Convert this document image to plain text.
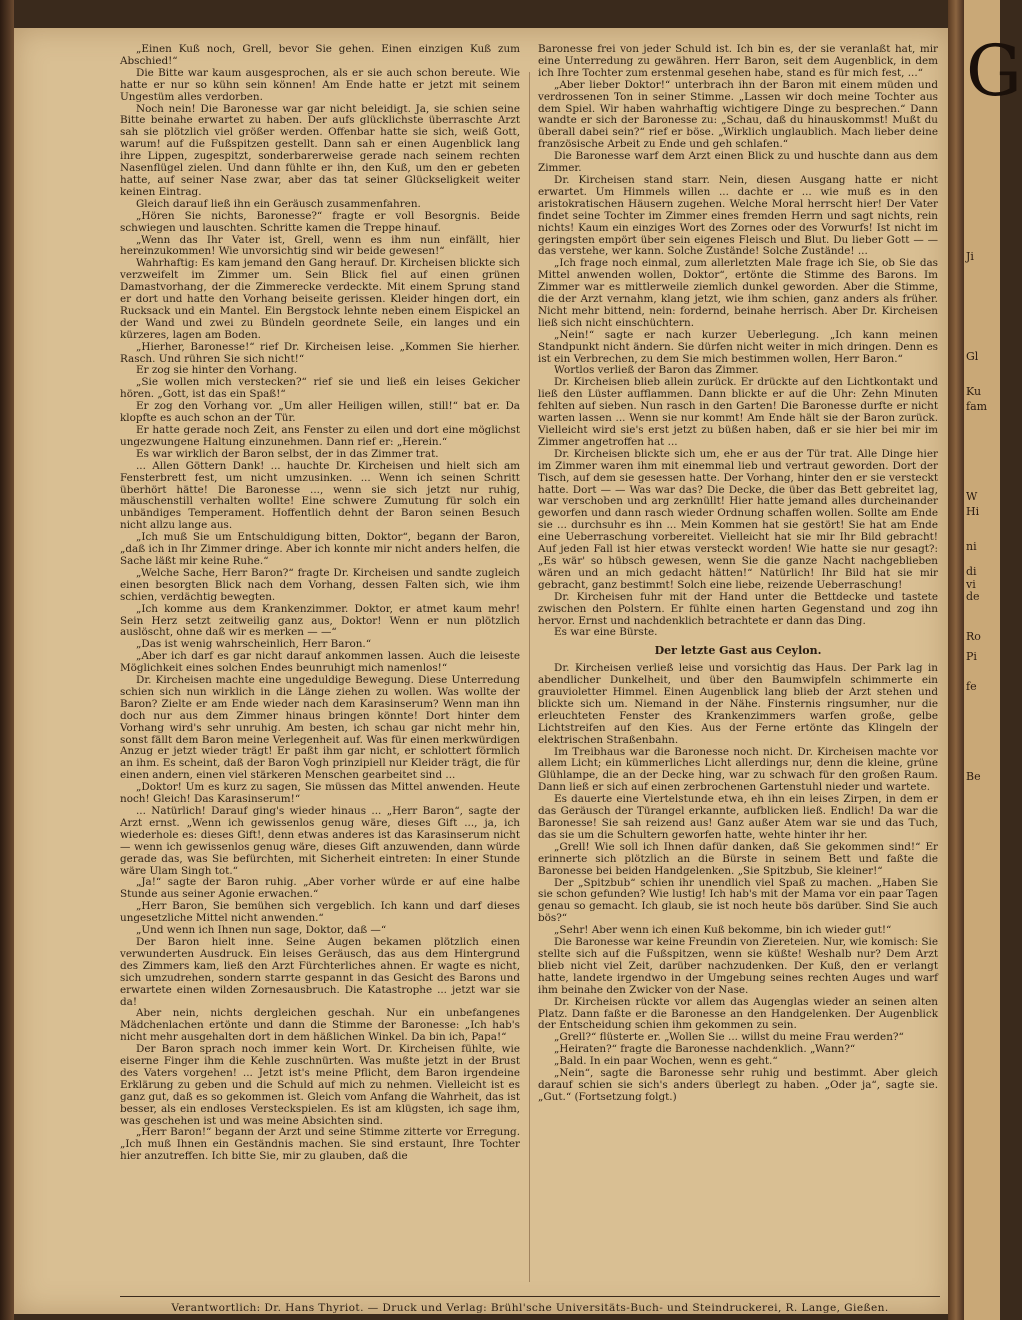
„Einen Kuß noch, Grell, bevor Sie gehen. Einen einzigen Kuß zum Abschied!“

Die Bitte war kaum ausgesprochen, als er sie auch schon bereute. Wie hatte er nur so kühn sein können! Am Ende hatte er jetzt mit seinem Ungestüm alles verdorben.

Noch nein! Die Baronesse war gar nicht beleidigt. Ja, sie schien seine Bitte beinahe erwartet zu haben. Der aufs glücklichste überraschte Arzt sah sie plötzlich viel größer werden. Offenbar hatte sie sich, weiß Gott, warum! auf die Fußspitzen gestellt. Dann sah er einen Augenblick lang ihre Lippen, zugespitzt, sonderbarerweise gerade nach seinem rechten Nasenflügel zielen. Und dann fühlte er ihn, den Kuß, um den er gebeten hatte, auf seiner Nase zwar, aber das tat seiner Glückseligkeit weiter keinen Eintrag.

Gleich darauf ließ ihn ein Geräusch zusammenfahren.

„Hören Sie nichts, Baronesse?“ fragte er voll Besorgnis. Beide schwiegen und lauschten. Schritte kamen die Treppe hinauf.

„Wenn das Ihr Vater ist, Grell, wenn es ihm nun einfällt, hier hereinzukommen! Wie unvorsichtig sind wir beide gewesen!“

Wahrhaftig: Es kam jemand den Gang herauf. Dr. Kircheisen blickte sich verzweifelt im Zimmer um. Sein Blick fiel auf einen grünen Damastvorhang, der die Zimmerecke verdeckte. Mit einem Sprung stand er dort und hatte den Vorhang beiseite gerissen. Kleider hingen dort, ein Rucksack und ein Mantel. Ein Bergstock lehnte neben einem Eispickel an der Wand und zwei zu Bündeln geordnete Seile, ein langes und ein kürzeres, lagen am Boden.

„Hierher, Baronesse!“ rief Dr. Kircheisen leise. „Kommen Sie hierher. Rasch. Und rühren Sie sich nicht!“

Er zog sie hinter den Vorhang.

„Sie wollen mich verstecken?“ rief sie und ließ ein leises Gekicher hören. „Gott, ist das ein Spaß!“

Er zog den Vorhang vor. „Um aller Heiligen willen, still!“ bat er. Da klopfte es auch schon an der Tür.

Er hatte gerade noch Zeit, ans Fenster zu eilen und dort eine möglichst ungezwungene Haltung einzunehmen. Dann rief er: „Herein.“

Es war wirklich der Baron selbst, der in das Zimmer trat.

... Allen Göttern Dank! ... hauchte Dr. Kircheisen und hielt sich am Fensterbrett fest, um nicht umzusinken. ... Wenn ich seinen Schritt überhört hätte! Die Baronesse ..., wenn sie sich jetzt nur ruhig, mäuschenstill verhalten wollte! Eine schwere Zumutung für solch ein unbändiges Temperament. Hoffentlich dehnt der Baron seinen Besuch nicht allzu lange aus.

„Ich muß Sie um Entschuldigung bitten, Doktor“, begann der Baron, „daß ich in Ihr Zimmer dringe. Aber ich konnte mir nicht anders helfen, die Sache läßt mir keine Ruhe.“

„Welche Sache, Herr Baron?“ fragte Dr. Kircheisen und sandte zugleich einen besorgten Blick nach dem Vorhang, dessen Falten sich, wie ihm schien, verdächtig bewegten.

„Ich komme aus dem Krankenzimmer. Doktor, er atmet kaum mehr! Sein Herz setzt zeitweilig ganz aus, Doktor! Wenn er nun plötzlich auslöscht, ohne daß wir es merken — —“

„Das ist wenig wahrscheinlich, Herr Baron.“

„Aber ich darf es gar nicht darauf ankommen lassen. Auch die leiseste Möglichkeit eines solchen Endes beunruhigt mich namenlos!“

Dr. Kircheisen machte eine ungeduldige Bewegung. Diese Unterredung schien sich nun wirklich in die Länge ziehen zu wollen. Was wollte der Baron? Zielte er am Ende wieder nach dem Karasinserum? Wenn man ihn doch nur aus dem Zimmer hinaus bringen könnte! Dort hinter dem Vorhang wird's sehr unruhig. Am besten, ich schau gar nicht mehr hin, sonst fällt dem Baron meine Verlegenheit auf. Was für einen merkwürdigen Anzug er jetzt wieder trägt! Er paßt ihm gar nicht, er schlottert förmlich an ihm. Es scheint, daß der Baron Vogh prinzipiell nur Kleider trägt, die für einen andern, einen viel stärkeren Menschen gearbeitet sind ...

„Doktor! Um es kurz zu sagen, Sie müssen das Mittel anwenden. Heute noch! Gleich! Das Karasinserum!“

... Natürlich! Darauf ging's wieder hinaus ... „Herr Baron“, sagte der Arzt ernst. „Wenn ich gewissenlos genug wäre, dieses Gift ..., ja, ich wiederhole es: dieses Gift!, denn etwas anderes ist das Karasinserum nicht — wenn ich gewissenlos genug wäre, dieses Gift anzuwenden, dann würde gerade das, was Sie befürchten, mit Sicherheit eintreten: In einer Stunde wäre Ulam Singh tot.“

„Ja!“ sagte der Baron ruhig. „Aber vorher würde er auf eine halbe Stunde aus seiner Agonie erwachen.“

„Herr Baron, Sie bemühen sich vergeblich. Ich kann und darf dieses ungesetzliche Mittel nicht anwenden.“

„Und wenn ich Ihnen nun sage, Doktor, daß —“

Der Baron hielt inne. Seine Augen bekamen plötzlich einen verwunderten Ausdruck. Ein leises Geräusch, das aus dem Hintergrund des Zimmers kam, ließ den Arzt Fürchterliches ahnen. Er wagte es nicht, sich umzudrehen, sondern starrte gespannt in das Gesicht des Barons und erwartete einen wilden Zornesausbruch. Die Katastrophe ... jetzt war sie da!

Aber nein, nichts dergleichen geschah. Nur ein unbefangenes Mädchenlachen ertönte und dann die Stimme der Baronesse: „Ich hab's nicht mehr ausgehalten dort in dem häßlichen Winkel. Da bin ich, Papa!“

Der Baron sprach noch immer kein Wort. Dr. Kircheisen fühlte, wie eiserne Finger ihm die Kehle zuschnürten. Was mußte jetzt in der Brust des Vaters vorgehen! ... Jetzt ist's meine Pflicht, dem Baron irgendeine Erklärung zu geben und die Schuld auf mich zu nehmen. Vielleicht ist es ganz gut, daß es so gekommen ist. Gleich vom Anfang die Wahrheit, das ist besser, als ein endloses Versteckspielen. Es ist am klügsten, ich sage ihm, was geschehen ist und was meine Absichten sind.

„Herr Baron!“ begann der Arzt und seine Stimme zitterte vor Erregung. „Ich muß Ihnen ein Geständnis machen. Sie sind erstaunt, Ihre Tochter hier anzutreffen. Ich bitte Sie, mir zu glauben, daß die

Baronesse frei von jeder Schuld ist. Ich bin es, der sie veranlaßt hat, mir eine Unterredung zu gewähren. Herr Baron, seit dem Augenblick, in dem ich Ihre Tochter zum erstenmal gesehen habe, stand es für mich fest, ...“

„Aber lieber Doktor!“ unterbrach ihn der Baron mit einem müden und verdrossenen Ton in seiner Stimme. „Lassen wir doch meine Tochter aus dem Spiel. Wir haben wahrhaftig wichtigere Dinge zu besprechen.“ Dann wandte er sich der Baronesse zu: „Schau, daß du hinauskommst! Mußt du überall dabei sein?“ rief er böse. „Wirklich unglaublich. Mach lieber deine französische Arbeit zu Ende und geh schlafen.“

Die Baronesse warf dem Arzt einen Blick zu und huschte dann aus dem Zimmer.

Dr. Kircheisen stand starr. Nein, diesen Ausgang hatte er nicht erwartet. Um Himmels willen ... dachte er ... wie muß es in den aristokratischen Häusern zugehen. Welche Moral herrscht hier! Der Vater findet seine Tochter im Zimmer eines fremden Herrn und sagt nichts, rein nichts! Kaum ein einziges Wort des Zornes oder des Vorwurfs! Ist nicht im geringsten empört über sein eigenes Fleisch und Blut. Du lieber Gott — — das verstehe, wer kann. Solche Zustände! Solche Zustände! ...

„Ich frage noch einmal, zum allerletzten Male frage ich Sie, ob Sie das Mittel anwenden wollen, Doktor“, ertönte die Stimme des Barons. Im Zimmer war es mittlerweile ziemlich dunkel geworden. Aber die Stimme, die der Arzt vernahm, klang jetzt, wie ihm schien, ganz anders als früher. Nicht mehr bittend, nein: fordernd, beinahe herrisch. Aber Dr. Kircheisen ließ sich nicht einschüchtern.

„Nein!“ sagte er nach kurzer Ueberlegung. „Ich kann meinen Standpunkt nicht ändern. Sie dürfen nicht weiter in mich dringen. Denn es ist ein Verbrechen, zu dem Sie mich bestimmen wollen, Herr Baron.“

Wortlos verließ der Baron das Zimmer.

Dr. Kircheisen blieb allein zurück. Er drückte auf den Lichtkontakt und ließ den Lüster aufflammen. Dann blickte er auf die Uhr: Zehn Minuten fehlten auf sieben. Nun rasch in den Garten! Die Baronesse durfte er nicht warten lassen ... Wenn sie nur kommt! Am Ende hält sie der Baron zurück. Vielleicht wird sie's erst jetzt zu büßen haben, daß er sie hier bei mir im Zimmer angetroffen hat ...

Dr. Kircheisen blickte sich um, ehe er aus der Tür trat. Alle Dinge hier im Zimmer waren ihm mit einemmal lieb und vertraut geworden. Dort der Tisch, auf dem sie gesessen hatte. Der Vorhang, hinter den er sie versteckt hatte. Dort — — Was war das? Die Decke, die über das Bett gebreitet lag, war verschoben und arg zerknüllt! Hier hatte jemand alles durcheinander geworfen und dann rasch wieder Ordnung schaffen wollen. Sollte am Ende sie ... durchsuhr es ihn ... Mein Kommen hat sie gestört! Sie hat am Ende eine Ueberraschung vorbereitet. Vielleicht hat sie mir Ihr Bild gebracht! Auf jeden Fall ist hier etwas versteckt worden! Wie hatte sie nur gesagt?: „Es wär' so hübsch gewesen, wenn Sie die ganze Nacht nachgeblieben wären und an mich gedacht hätten!“ Natürlich! Ihr Bild hat sie mir gebracht, ganz bestimmt! Solch eine liebe, reizende Ueberraschung!

Dr. Kircheisen fuhr mit der Hand unter die Bettdecke und tastete zwischen den Polstern. Er fühlte einen harten Gegenstand und zog ihn hervor. Ernst und nachdenklich betrachtete er dann das Ding.

Es war eine Bürste.

Der letzte Gast aus Ceylon.

Dr. Kircheisen verließ leise und vorsichtig das Haus. Der Park lag in abendlicher Dunkelheit, und über den Baumwipfeln schimmerte ein grauvioletter Himmel. Einen Augenblick lang blieb der Arzt stehen und blickte sich um. Niemand in der Nähe. Finsternis ringsumher, nur die erleuchteten Fenster des Krankenzimmers warfen große, gelbe Lichtstreifen auf den Kies. Aus der Ferne ertönte das Klingeln der elektrischen Straßenbahn.

Im Treibhaus war die Baronesse noch nicht. Dr. Kircheisen machte vor allem Licht; ein kümmerliches Licht allerdings nur, denn die kleine, grüne Glühlampe, die an der Decke hing, war zu schwach für den großen Raum. Dann ließ er sich auf einen zerbrochenen Gartenstuhl nieder und wartete.

Es dauerte eine Viertelstunde etwa, eh ihn ein leises Zirpen, in dem er das Geräusch der Türangel erkannte, aufblicken ließ. Endlich! Da war die Baronesse! Sie sah reizend aus! Ganz außer Atem war sie und das Tuch, das sie um die Schultern geworfen hatte, wehte hinter ihr her.

„Grell! Wie soll ich Ihnen dafür danken, daß Sie gekommen sind!“ Er erinnerte sich plötzlich an die Bürste in seinem Bett und faßte die Baronesse bei beiden Handgelenken. „Sie Spitzbub, Sie kleiner!“

Der „Spitzbub“ schien ihr unendlich viel Spaß zu machen. „Haben Sie sie schon gefunden? Wie lustig! Ich hab's mit der Mama vor ein paar Tagen genau so gemacht. Ich glaub, sie ist noch heute bös darüber. Sind Sie auch bös?“

„Sehr! Aber wenn ich einen Kuß bekomme, bin ich wieder gut!“

Die Baronesse war keine Freundin von Ziereteien. Nur, wie komisch: Sie stellte sich auf die Fußspitzen, wenn sie küßte! Weshalb nur? Dem Arzt blieb nicht viel Zeit, darüber nachzudenken. Der Kuß, den er verlangt hatte, landete irgendwo in der Umgebung seines rechten Auges und warf ihm beinahe den Zwicker von der Nase.

Dr. Kircheisen rückte vor allem das Augenglas wieder an seinen alten Platz. Dann faßte er die Baronesse an den Handgelenken. Der Augenblick der Entscheidung schien ihm gekommen zu sein.

„Grell?“ flüsterte er. „Wollen Sie ... willst du meine Frau werden?“

„Heiraten?“ fragte die Baronesse nachdenklich. „Wann?“

„Bald. In ein paar Wochen, wenn es geht.“

„Nein“, sagte die Baronesse sehr ruhig und bestimmt. Aber gleich darauf schien sie sich's anders überlegt zu haben. „Oder ja“, sagte sie. „Gut.“ (Fortsetzung folgt.)

Verantwortlich: Dr. Hans Thyriot. — Druck und Verlag: Brühl'sche Universitäts-Buch- und Steindruckerei, R. Lange, Gießen.
G
Ji
Gl
Ku
fam
W
Hi
ni
di
vi
de
Ro
Pi
fe
Be
